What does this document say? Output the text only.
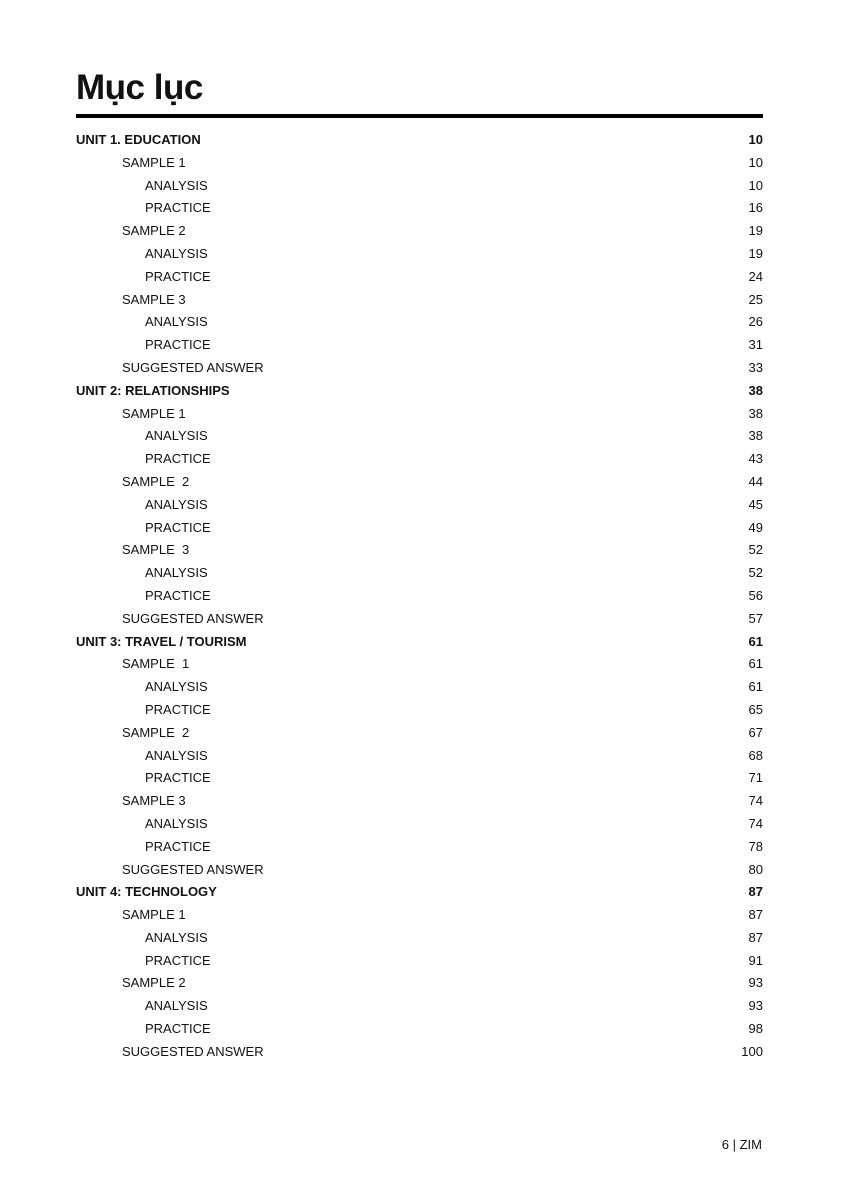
Mục lục
UNIT 1. EDUCATION	10
SAMPLE 1	10
ANALYSIS	10
PRACTICE	16
SAMPLE 2	19
ANALYSIS	19
PRACTICE	24
SAMPLE 3	25
ANALYSIS	26
PRACTICE	31
SUGGESTED ANSWER	33
UNIT 2: RELATIONSHIPS	38
SAMPLE 1	38
ANALYSIS	38
PRACTICE	43
SAMPLE  2	44
ANALYSIS	45
PRACTICE	49
SAMPLE  3	52
ANALYSIS	52
PRACTICE	56
SUGGESTED ANSWER	57
UNIT 3: TRAVEL / TOURISM	61
SAMPLE  1	61
ANALYSIS	61
PRACTICE	65
SAMPLE  2	67
ANALYSIS	68
PRACTICE	71
SAMPLE 3	74
ANALYSIS	74
PRACTICE	78
SUGGESTED ANSWER	80
UNIT 4: TECHNOLOGY	87
SAMPLE 1	87
ANALYSIS	87
PRACTICE	91
SAMPLE 2	93
ANALYSIS	93
PRACTICE	98
SUGGESTED ANSWER	100
6 | ZIM
